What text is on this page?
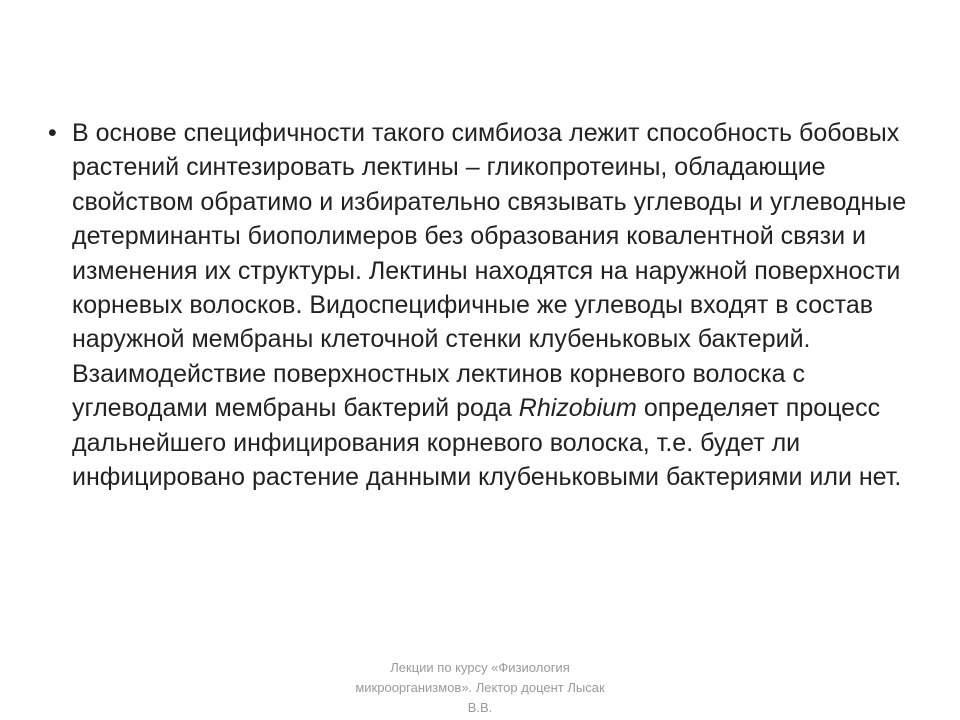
• В основе специфичности такого симбиоза лежит способность бобовых растений синтезировать лектины – гликопротеины, обладающие свойством обратимо и избирательно связывать углеводы и углеводные детерминанты биополимеров без образования ковалентной связи и изменения их структуры. Лектины находятся на наружной поверхности корневых волосков. Видоспецифичные же углеводы входят в состав наружной мембраны клеточной стенки клубеньковых бактерий. Взаимодействие поверхностных лектинов корневого волоска с углеводами мембраны бактерий рода Rhizobium определяет процесс дальнейшего инфицирования корневого волоска, т.е. будет ли инфицировано растение данными клубеньковыми бактериями или нет.
Лекции по курсу «Физиология
микроорганизмов». Лектор доцент Лысак
В.В.
